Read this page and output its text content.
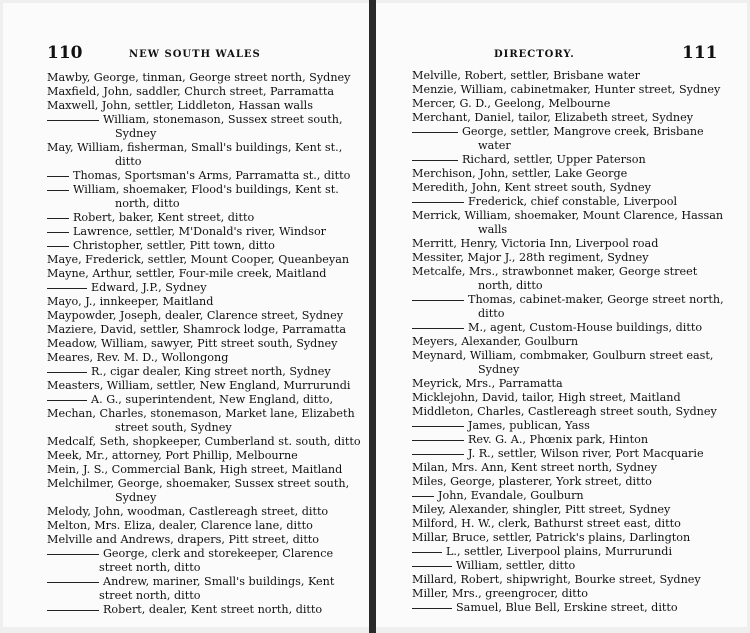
110	NEW SOUTH WALES
Mawby, George, tinman, George street north, Sydney
Maxfield, John, saddler, Church street, Parramatta
Maxwell, John, settler, Liddleton, Hassan walls
William, stonemason, Sussex street south,
Sydney
May, William, fisherman, Small's buildings, Kent st.,
ditto
Thomas, Sportsman's Arms, Parramatta st., ditto
William, shoemaker, Flood's buildings, Kent st.
north, ditto
Robert, baker, Kent street, ditto
Lawrence, settler, M'Donald's river, Windsor
Christopher, settler, Pitt town, ditto
Maye, Frederick, settler, Mount Cooper, Queanbeyan
Mayne, Arthur, settler, Four-mile creek, Maitland
Edward, J.P., Sydney
Mayo, J., innkeeper, Maitland
Maypowder, Joseph, dealer, Clarence street, Sydney
Maziere, David, settler, Shamrock lodge, Parramatta
Meadow, William, sawyer, Pitt street south, Sydney
Meares, Rev. M. D., Wollongong
R., cigar dealer, King street north, Sydney
Measters, William, settler, New England, Murrurundi
A. G., superintendent, New England, ditto,
Mechan, Charles, stonemason, Market lane, Elizabeth
street south, Sydney
Medcalf, Seth, shopkeeper, Cumberland st. south, ditto
Meek, Mr., attorney, Port Phillip, Melbourne
Mein, J. S., Commercial Bank, High street, Maitland
Melchilmer, George, shoemaker, Sussex street south,
Sydney
Melody, John, woodman, Castlereagh street, ditto
Melton, Mrs. Eliza, dealer, Clarence lane, ditto
Melville and Andrews, drapers, Pitt street, ditto
George, clerk and storekeeper, Clarence
street north, ditto
Andrew, mariner, Small's buildings, Kent
street north, ditto
Robert, dealer, Kent street north, ditto
DIRECTORY.	111
Melville, Robert, settler, Brisbane water
Menzie, William, cabinetmaker, Hunter street, Sydney
Mercer, G. D., Geelong, Melbourne
Merchant, Daniel, tailor, Elizabeth street, Sydney
George, settler, Mangrove creek, Brisbane
water
Richard, settler, Upper Paterson
Merchison, John, settler, Lake George
Meredith, John, Kent street south, Sydney
Frederick, chief constable, Liverpool
Merrick, William, shoemaker, Mount Clarence, Hassan
walls
Merritt, Henry, Victoria Inn, Liverpool road
Messiter, Major J., 28th regiment, Sydney
Metcalfe, Mrs., strawbonnet maker, George street
north, ditto
Thomas, cabinet-maker, George street north,
ditto
M., agent, Custom-House buildings, ditto
Meyers, Alexander, Goulburn
Meynard, William, combmaker, Goulburn street east,
Sydney
Meyrick, Mrs., Parramatta
Micklejohn, David, tailor, High street, Maitland
Middleton, Charles, Castlereagh street south, Sydney
James, publican, Yass
Rev. G. A., Phœnix park, Hinton
J. R., settler, Wilson river, Port Macquarie
Milan, Mrs. Ann, Kent street north, Sydney
Miles, George, plasterer, York street, ditto
John, Evandale, Goulburn
Miley, Alexander, shingler, Pitt street, Sydney
Milford, H. W., clerk, Bathurst street east, ditto
Millar, Bruce, settler, Patrick's plains, Darlington
L., settler, Liverpool plains, Murrurundi
William, settler, ditto
Millard, Robert, shipwright, Bourke street, Sydney
Miller, Mrs., greengrocer, ditto
Samuel, Blue Bell, Erskine street, ditto
